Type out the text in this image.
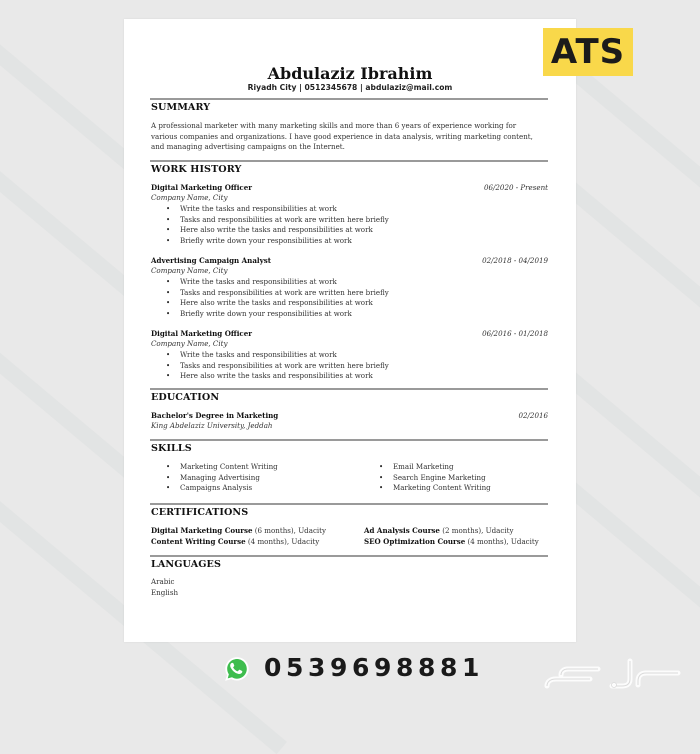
Abdulaziz Ibrahim
Riyadh City | 0512345678 | abdulaziz@mail.com
SUMMARY
A professional marketer with many marketing skills and more than 6 years of experience working for
various companies and organizations. I have good experience in data analysis, writing marketing content,
and managing advertising campaigns on the Internet.
WORK HISTORY
Digital Marketing Officer	06/2020 - Present
Company Name, City
• Write the tasks and responsibilities at work
• Tasks and responsibilities at work are written here briefly
• Here also write the tasks and responsibilities at work
• Briefly write down your responsibilities at work
Advertising Campaign Analyst	02/2018 - 04/2019
Company Name, City
• Write the tasks and responsibilities at work
• Tasks and responsibilities at work are written here briefly
• Here also write the tasks and responsibilities at work
• Briefly write down your responsibilities at work
Digital Marketing Officer	06/2016 - 01/2018
Company Name, City
• Write the tasks and responsibilities at work
• Tasks and responsibilities at work are written here briefly
• Here also write the tasks and responsibilities at work
EDUCATION
Bachelor's Degree in Marketing	02/2016
King Abdelaziz University, Jeddah
SKILLS
• Marketing Content Writing
• Managing Advertising
• Campaigns Analysis
• Email Marketing
• Search Engine Marketing
• Marketing Content Writing
CERTIFICATIONS
Digital Marketing Course (6 months), Udacity	Ad Analysis Course (2 months), Udacity
Content Writing Course (4 months), Udacity	SEO Optimization Course (4 months), Udacity
LANGUAGES
Arabic
English
ATS
0539698881
